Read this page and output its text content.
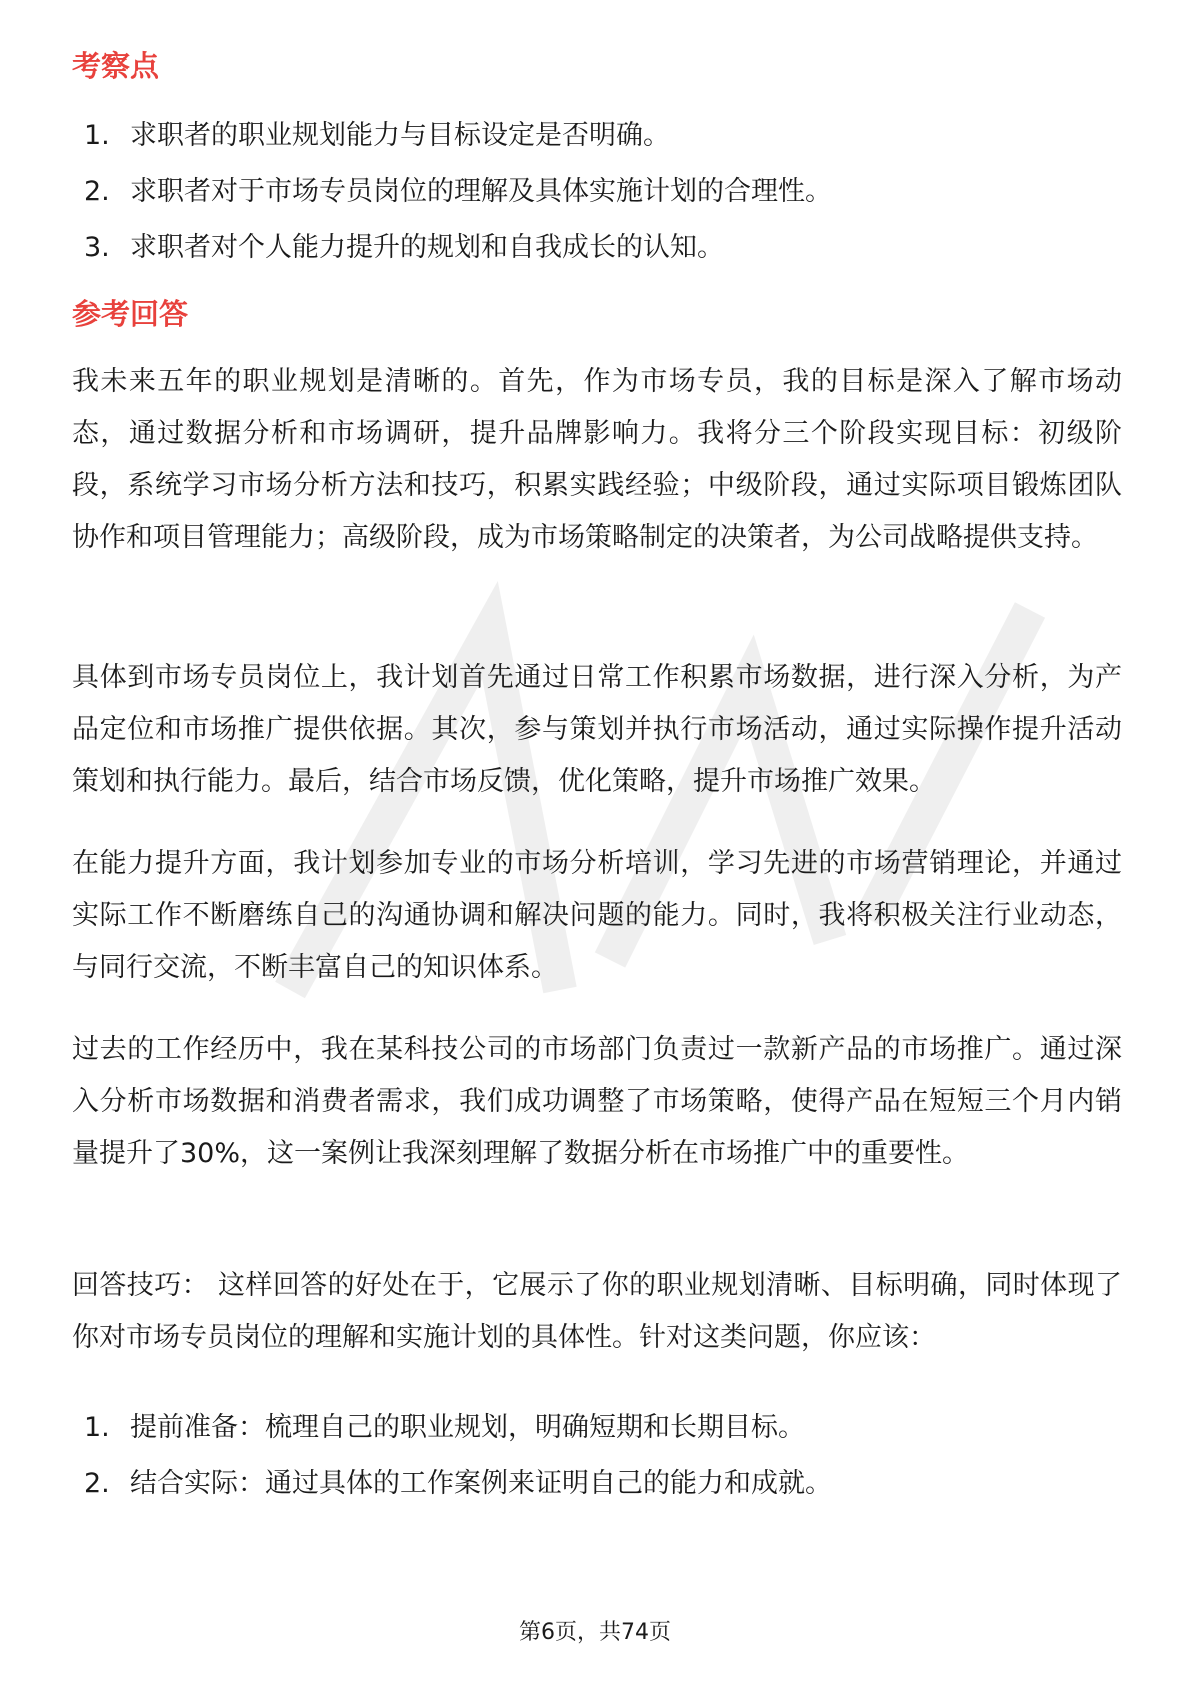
考察点
1. 求职者的职业规划能力与目标设定是否明确。
2. 求职者对于市场专员岗位的理解及具体实施计划的合理性。
3. 求职者对个人能力提升的规划和自我成长的认知。
参考回答

我未来五年的职业规划是清晰的。首先，作为市场专员，我的目标是深入了解市场动态，通过数据分析和市场调研，提升品牌影响力。我将分三个阶段实现目标：初级阶段，系统学习市场分析方法和技巧，积累实践经验；中级阶段，通过实际项目锻炼团队协作和项目管理能力；高级阶段，成为市场策略制定的决策者，为公司战略提供支持。

具体到市场专员岗位上，我计划首先通过日常工作积累市场数据，进行深入分析，为产品定位和市场推广提供依据。其次，参与策划并执行市场活动，通过实际操作提升活动策划和执行能力。最后，结合市场反馈，优化策略，提升市场推广效果。

在能力提升方面，我计划参加专业的市场分析培训，学习先进的市场营销理论，并通过实际工作不断磨练自己的沟通协调和解决问题的能力。同时，我将积极关注行业动态，与同行交流，不断丰富自己的知识体系。

过去的工作经历中，我在某科技公司的市场部门负责过一款新产品的市场推广。通过深入分析市场数据和消费者需求，我们成功调整了市场策略，使得产品在短短三个月内销量提升了30%，这一案例让我深刻理解了数据分析在市场推广中的重要性。

回答技巧： 这样回答的好处在于，它展示了你的职业规划清晰、目标明确，同时体现了你对市场专员岗位的理解和实施计划的具体性。针对这类问题，你应该：

1. 提前准备：梳理自己的职业规划，明确短期和长期目标。
2. 结合实际：通过具体的工作案例来证明自己的能力和成就。
第6页，共74页
